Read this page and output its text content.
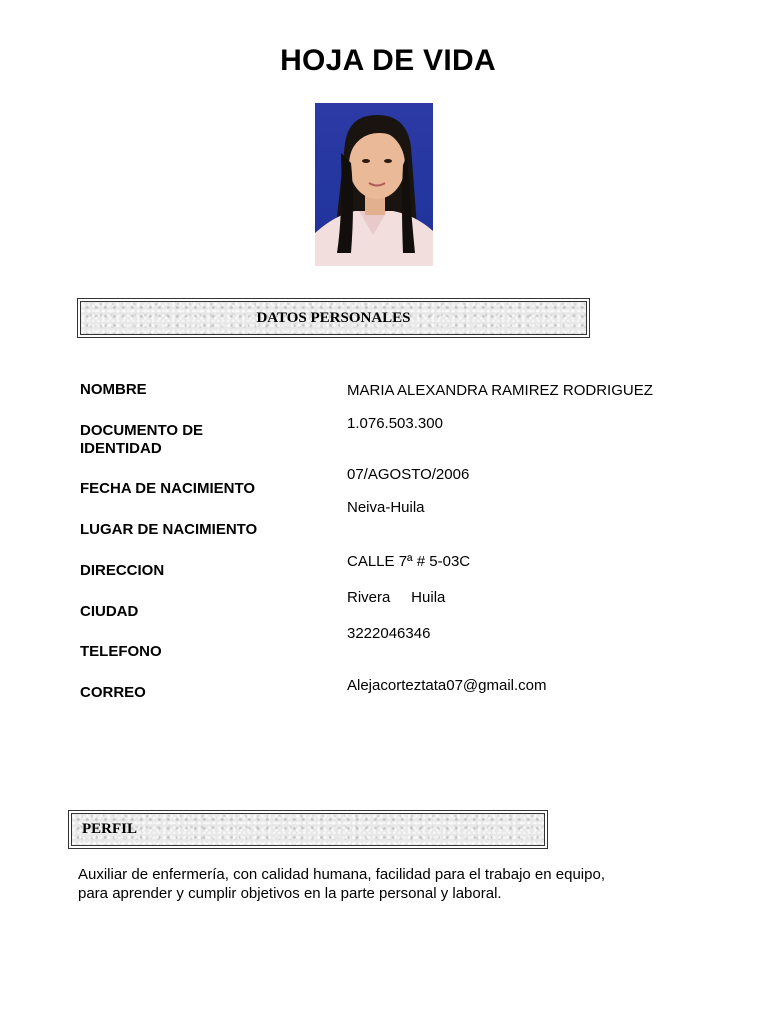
HOJA DE VIDA
DATOS PERSONALES
NOMBRE
DOCUMENTO DE
IDENTIDAD
FECHA DE NACIMIENTO
LUGAR DE NACIMIENTO
DIRECCION
CIUDAD
TELEFONO
CORREO
MARIA ALEXANDRA RAMIREZ RODRIGUEZ
1.076.503.300
07/AGOSTO/2006
Neiva-Huila
CALLE 7ª # 5-03C
Rivera     Huila
3222046346
Alejacorteztata07@gmail.com
PERFIL

Auxiliar de enfermería, con calidad humana, facilidad para el trabajo en equipo,
para aprender y cumplir objetivos en la parte personal y laboral.
